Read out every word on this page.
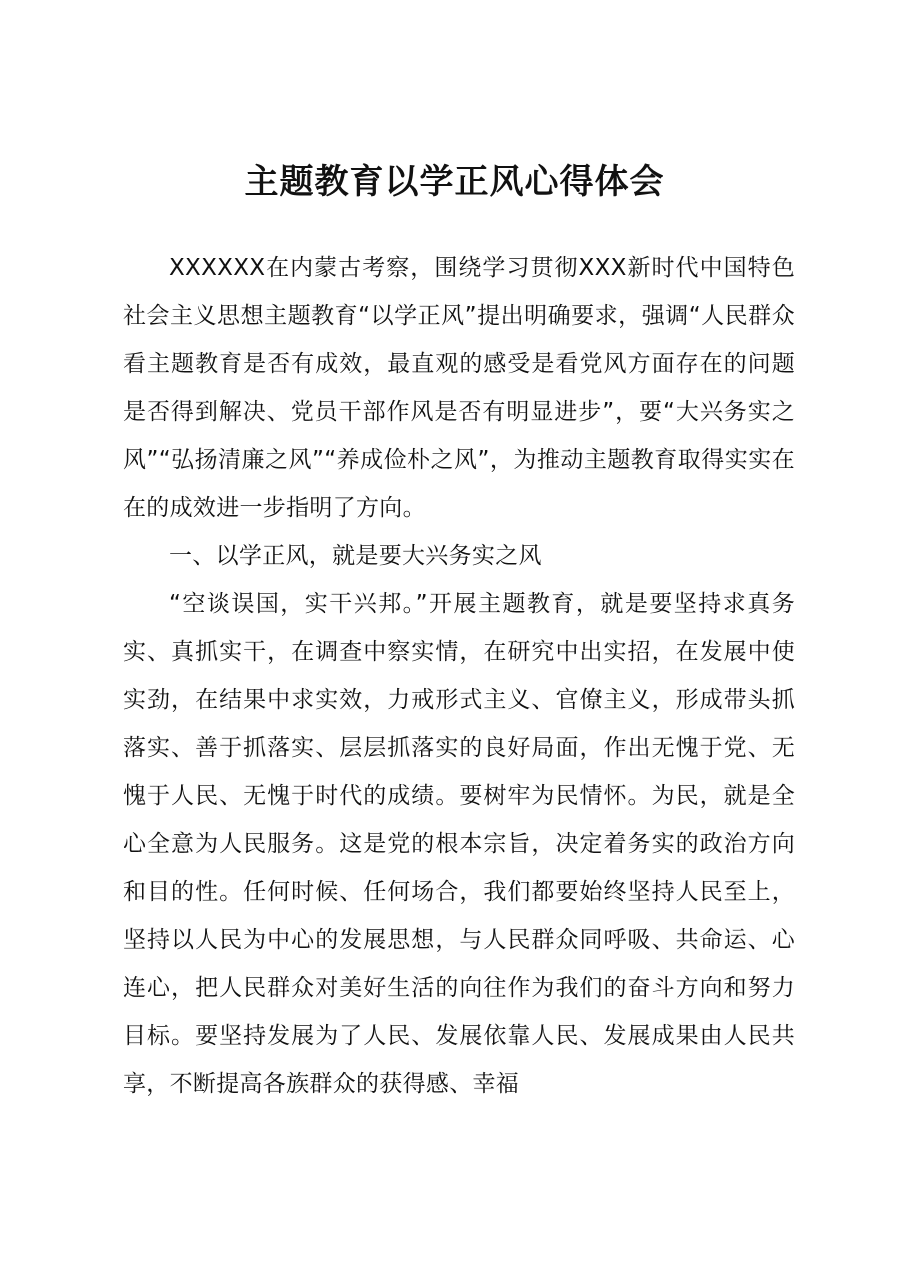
主题教育以学正风心得体会

XXXXXX在内蒙古考察，围绕学习贯彻XXX新时代中国特色社会主义思想主题教育“以学正风”提出明确要求，强调“人民群众看主题教育是否有成效，最直观的感受是看党风方面存在的问题是否得到解决、党员干部作风是否有明显进步”，要“大兴务实之风”“弘扬清廉之风”“养成俭朴之风”，为推动主题教育取得实实在在的成效进一步指明了方向。

一、以学正风，就是要大兴务实之风

“空谈误国，实干兴邦。”开展主题教育，就是要坚持求真务实、真抓实干，在调查中察实情，在研究中出实招，在发展中使实劲，在结果中求实效，力戒形式主义、官僚主义，形成带头抓落实、善于抓落实、层层抓落实的良好局面，作出无愧于党、无愧于人民、无愧于时代的成绩。要树牢为民情怀。为民，就是全心全意为人民服务。这是党的根本宗旨，决定着务实的政治方向和目的性。任何时候、任何场合，我们都要始终坚持人民至上，坚持以人民为中心的发展思想，与人民群众同呼吸、共命运、心连心，把人民群众对美好生活的向往作为我们的奋斗方向和努力目标。要坚持发展为了人民、发展依靠人民、发展成果由人民共享，不断提高各族群众的获得感、幸福
